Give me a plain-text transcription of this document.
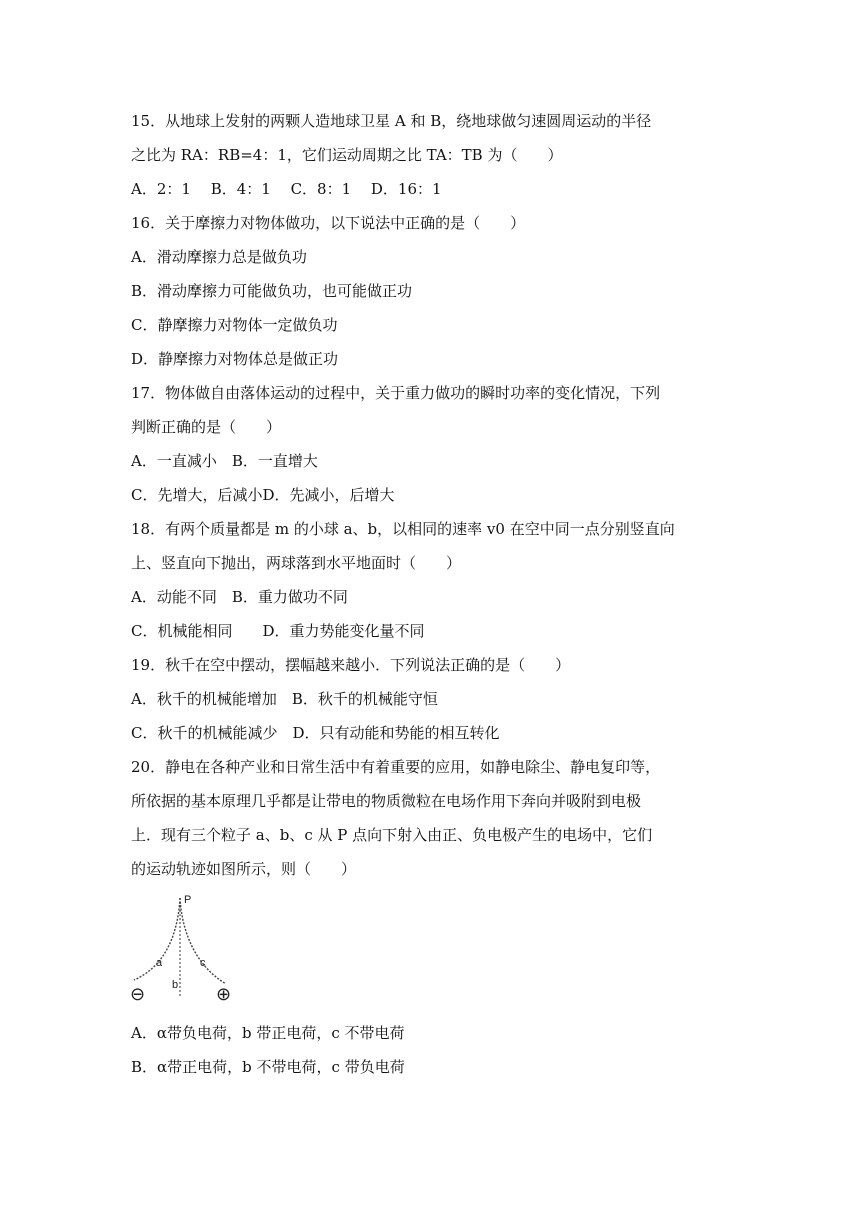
15．从地球上发射的两颗人造地球卫星 A 和 B，绕地球做匀速圆周运动的半径
之比为 RA：RB=4：1，它们运动周期之比 TA：TB 为（　　）
A．2：1　 B．4：1　 C．8：1　 D．16：1
16．关于摩擦力对物体做功，以下说法中正确的是（　　）
A．滑动摩擦力总是做负功
B．滑动摩擦力可能做负功，也可能做正功
C．静摩擦力对物体一定做负功
D．静摩擦力对物体总是做正功
17．物体做自由落体运动的过程中，关于重力做功的瞬时功率的变化情况，下列
判断正确的是（　　）
A．一直减小　B．一直增大
C．先增大，后减小D．先减小，后增大
18．有两个质量都是 m 的小球 a、b，以相同的速率 v0 在空中同一点分别竖直向
上、竖直向下抛出，两球落到水平地面时（　　）
A．动能不同　B．重力做功不同
C．机械能相同　　D．重力势能变化量不同
19．秋千在空中摆动，摆幅越来越小．下列说法正确的是（　　）
A．秋千的机械能增加　B．秋千的机械能守恒
C．秋千的机械能减少　D．只有动能和势能的相互转化
20．静电在各种产业和日常生活中有着重要的应用，如静电除尘、静电复印等，
所依据的基本原理几乎都是让带电的物质微粒在电场作用下奔向并吸附到电极
上．现有三个粒子 a、b、c 从 P 点向下射入由正、负电极产生的电场中，它们
的运动轨迹如图所示，则（　　）
P
a
b
c
⊖	⊕
A．α带负电荷，b 带正电荷，c 不带电荷
B．α带正电荷，b 不带电荷，c 带负电荷
